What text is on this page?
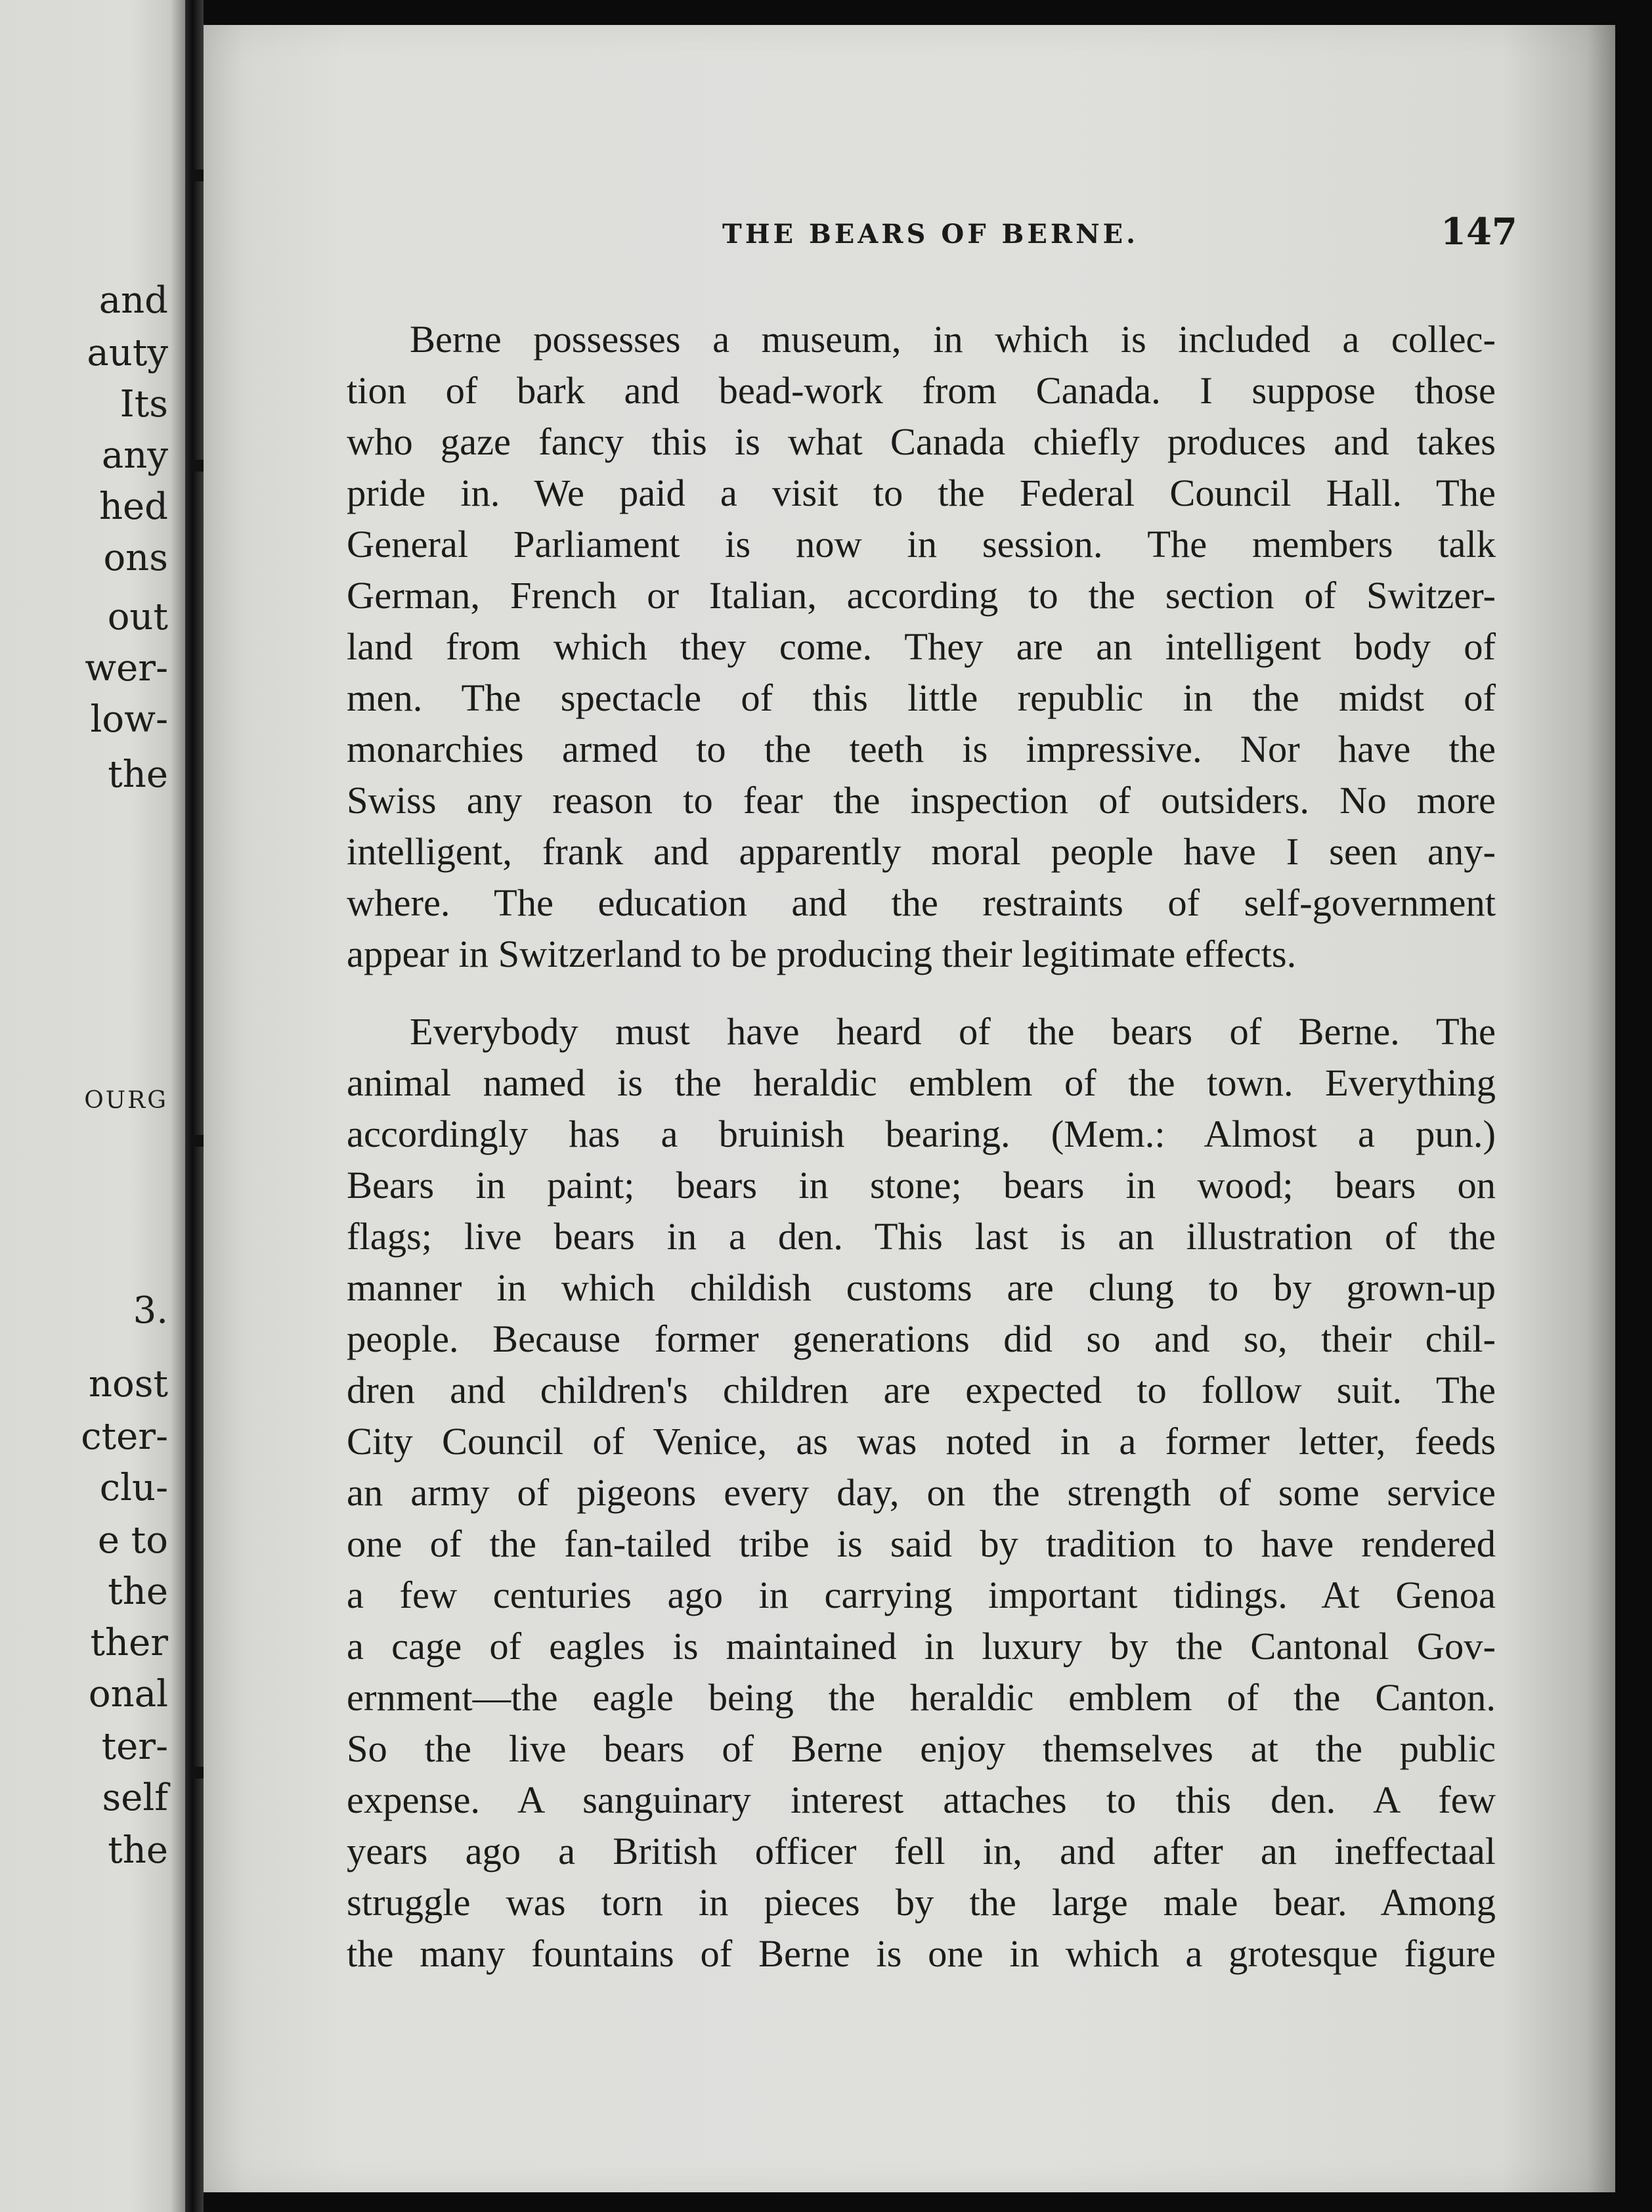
and

auty

Its

any

hed

ons

out

wer-

low-

the

OURG

3.

nost

cter-

clu-

e to

the

ther

onal

ter-

self

the

THE BEARS OF BERNE.	147

Berne possesses a museum, in which is included a collec-
tion of bark and bead-work from Canada. I suppose those
who gaze fancy this is what Canada chiefly produces and takes
pride in. We paid a visit to the Federal Council Hall. The
General Parliament is now in session. The members talk
German, French or Italian, according to the section of Switzer-
land from which they come. They are an intelligent body of
men. The spectacle of this little republic in the midst of
monarchies armed to the teeth is impressive. Nor have the
Swiss any reason to fear the inspection of outsiders. No more
intelligent, frank and apparently moral people have I seen any-
where. The education and the restraints of self-government
appear in Switzerland to be producing their legitimate effects.

Everybody must have heard of the bears of Berne. The
animal named is the heraldic emblem of the town. Everything
accordingly has a bruinish bearing. (Mem.: Almost a pun.)
Bears in paint; bears in stone; bears in wood; bears on
flags; live bears in a den. This last is an illustration of the
manner in which childish customs are clung to by grown-up
people. Because former generations did so and so, their chil-
dren and children's children are expected to follow suit. The
City Council of Venice, as was noted in a former letter, feeds
an army of pigeons every day, on the strength of some service
one of the fan-tailed tribe is said by tradition to have rendered
a few centuries ago in carrying important tidings. At Genoa
a cage of eagles is maintained in luxury by the Cantonal Gov-
ernment—the eagle being the heraldic emblem of the Canton.
So the live bears of Berne enjoy themselves at the public
expense. A sanguinary interest attaches to this den. A few
years ago a British officer fell in, and after an ineffectaal
struggle was torn in pieces by the large male bear. Among
the many fountains of Berne is one in which a grotesque figure
